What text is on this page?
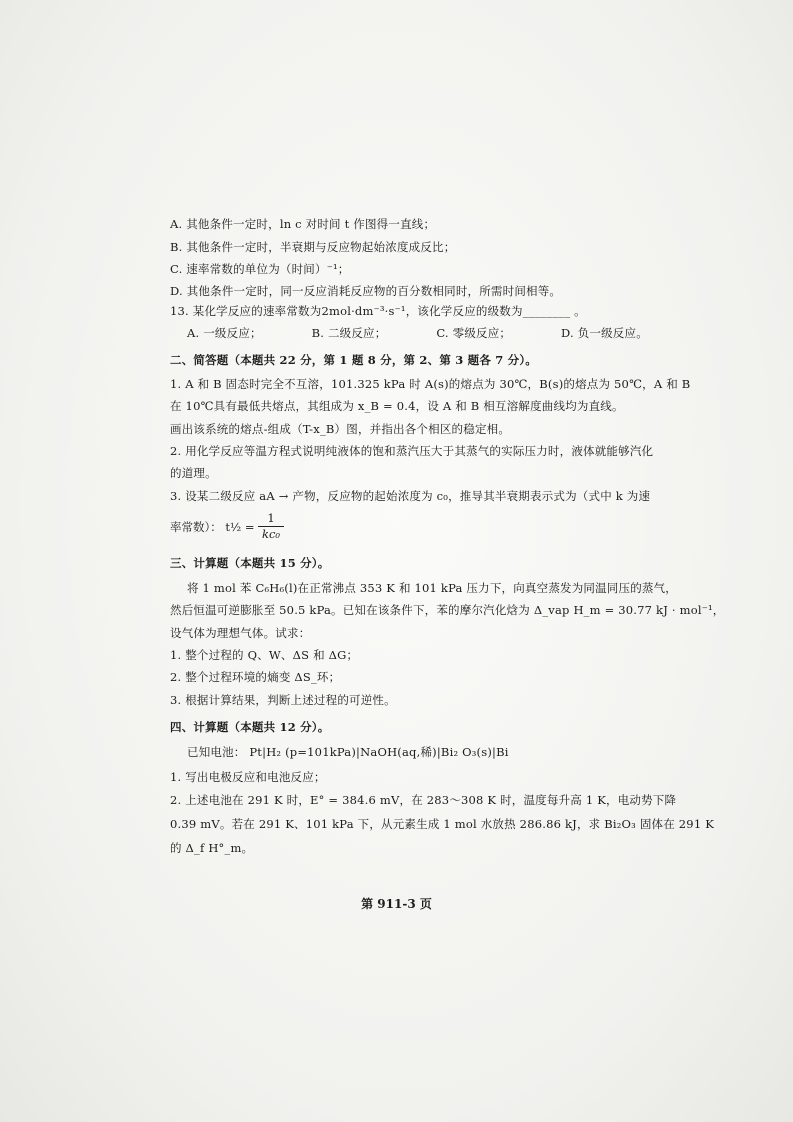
A. 其他条件一定时，ln c 对时间 t 作图得一直线；
B. 其他条件一定时，半衰期与反应物起始浓度成反比；
C. 速率常数的单位为（时间）⁻¹；
D. 其他条件一定时，同一反应消耗反应物的百分数相同时，所需时间相等。
13. 某化学反应的速率常数为2mol·dm⁻³·s⁻¹，该化学反应的级数为________ 。
A. 一级反应；	B. 二级反应；	C. 零级反应；	D. 负一级反应。
二、简答题（本题共 22 分，第 1 题 8 分，第 2、第 3 题各 7 分）。
1. A 和 B 固态时完全不互溶，101.325 kPa 时 A(s)的熔点为 30℃，B(s)的熔点为 50℃，A 和 B
在 10℃具有最低共熔点，其组成为 x_B = 0.4，设 A 和 B 相互溶解度曲线均为直线。
画出该系统的熔点-组成（T-x_B）图，并指出各个相区的稳定相。
2. 用化学反应等温方程式说明纯液体的饱和蒸汽压大于其蒸气的实际压力时，液体就能够汽化
的道理。
3. 设某二级反应 aA → 产物，反应物的起始浓度为 c₀，推导其半衰期表示式为（式中 k 为速
率常数）： t½ =
1
kc₀
三、计算题（本题共 15 分）。
将 1 mol 苯 C₆H₆(l)在正常沸点 353 K 和 101 kPa 压力下，向真空蒸发为同温同压的蒸气，
然后恒温可逆膨胀至 50.5 kPa。已知在该条件下，苯的摩尔汽化焓为 Δ_vap H_m = 30.77 kJ · mol⁻¹，
设气体为理想气体。试求：
1. 整个过程的 Q、W、ΔS 和 ΔG；
2. 整个过程环境的熵变 ΔS_环；
3. 根据计算结果，判断上述过程的可逆性。
四、计算题（本题共 12 分）。
已知电池： Pt|H₂ (p=101kPa)|NaOH(aq,稀)|Bi₂ O₃(s)|Bi
1. 写出电极反应和电池反应；
2. 上述电池在 291 K 时，E° = 384.6 mV，在 283～308 K 时，温度每升高 1 K，电动势下降
0.39 mV。若在 291 K、101 kPa 下，从元素生成 1 mol 水放热 286.86 kJ，求 Bi₂O₃ 固体在 291 K
的 Δ_f H°_m。
第 911-3 页
